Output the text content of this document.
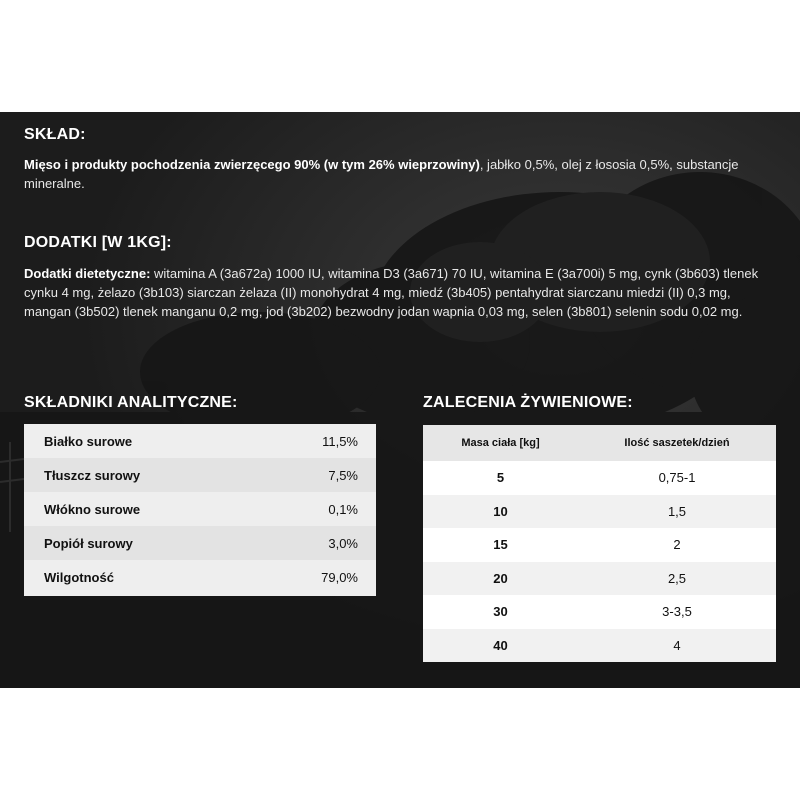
SKŁAD:

Mięso i produkty pochodzenia zwierzęcego 90% (w tym 26% wieprzowiny), jabłko 0,5%, olej z łososia 0,5%, substancje mineralne.

DODATKI [W 1KG]:

Dodatki dietetyczne: witamina A (3a672a) 1000 IU, witamina D3 (3a671) 70 IU, witamina E (3a700i) 5 mg, cynk (3b603) tlenek cynku 4 mg, żelazo (3b103) siarczan żelaza (II) monohydrat 4 mg, miedź (3b405) pentahydrat siarczanu miedzi (II) 0,3 mg, mangan (3b502) tlenek manganu 0,2 mg, jod (3b202) bezwodny jodan wapnia 0,03 mg, selen (3b801) selenin sodu 0,02 mg.

SKŁADNIKI ANALITYCZNE:
Białko surowe	11,5%
Tłuszcz surowy	7,5%
Włókno surowe	0,1%
Popiół surowy	3,0%
Wilgotność	79,0%
ZALECENIA ŻYWIENIOWE:
Masa ciała [kg]	Ilość saszetek/dzień
5	0,75-1
10	1,5
15	2
20	2,5
30	3-3,5
40	4
